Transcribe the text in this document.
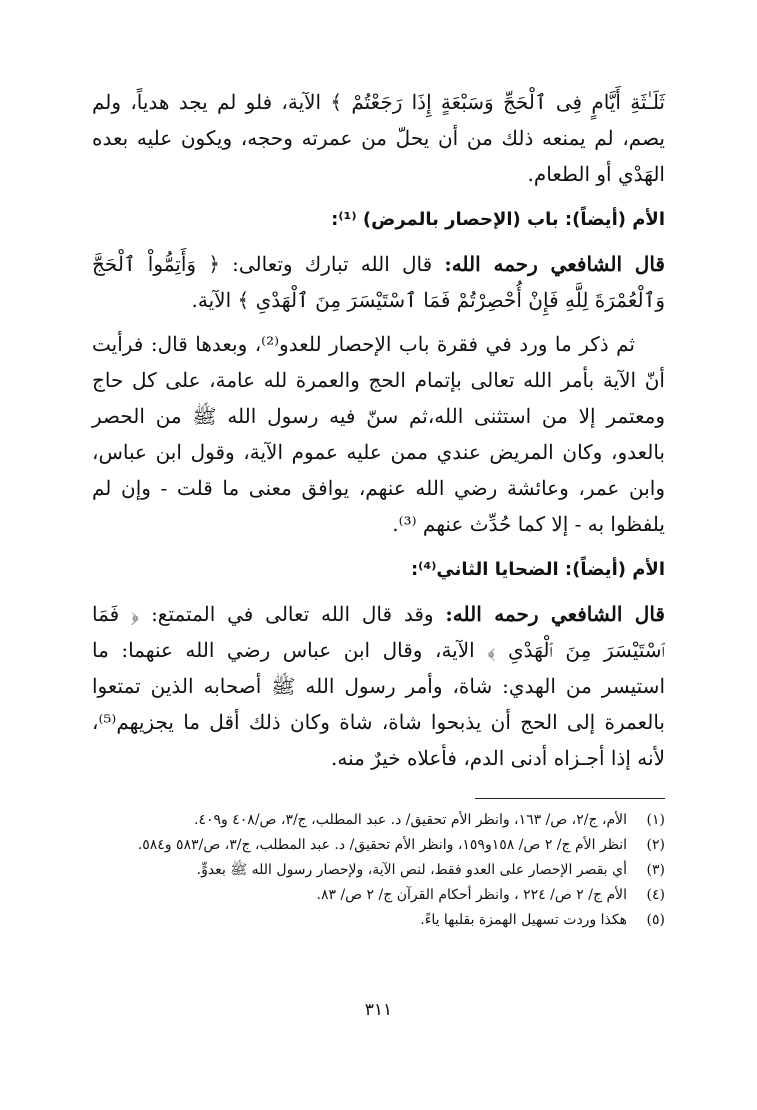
ثَلَـٰثَةِ أَيَّامٍ فِى ٱلْحَجِّ وَسَبْعَةٍ إِذَا رَجَعْتُمْ ﴾ الآية، فلو لم يجد هدياً، ولم يصم، لم يمنعه ذلك من أن يحلّ من عمرته وحجه، ويكون عليه بعده الهَدْي أو الطعام.

الأم (أيضاً): باب (الإحصار بالمرض) ⁽¹⁾:

قال الشافعي رحمه الله: قال الله تبارك وتعالى: ﴿ وَأَتِمُّواْ ٱلْحَجَّ وَٱلْعُمْرَةَ لِلَّهِ فَإِنْ أُحْصِرْتُمْ فَمَا ٱسْتَيْسَرَ مِنَ ٱلْهَدْىِ ﴾ الآية.

ثم ذكر ما ورد في فقرة باب الإحصار للعدو⁽²⁾، وبعدها قال: فرأيت أنّ الآية بأمر الله تعالى بإتمام الحج والعمرة لله عامة، على كل حاج ومعتمر إلا من استثنى الله،ثم سنّ فيه رسول الله ﷺ من الحصر بالعدو، وكان المريض عندي ممن عليه عموم الآية، وقول ابن عباس، وابن عمر، وعائشة رضي الله عنهم، يوافق معنى ما قلت - وإن لم يلفظوا به - إلا كما حُدِّث عنهم ⁽³⁾.

الأم (أيضاً): الضحايا الثاني⁽⁴⁾:

قال الشافعي رحمه الله: وقد قال الله تعالى في المتمتع: ﴿ فَمَا ٱسْتَيْسَرَ مِنَ ٱلْهَدْىِ ﴾ الآية، وقال ابن عباس رضي الله عنهما: ما استيسر من الهدي: شاة، وأمر رسول الله ﷺ أصحابه الذين تمتعوا بالعمرة إلى الحج أن يذبحوا شاة، شاة وكان ذلك أقل ما يجزيهم⁽⁵⁾، لأنه إذا أجـزاه أدنى الدم، فأعلاه خيرٌ منه.

(١)
الأم، ج/٢، ص/ ١٦٣، وانظر الأم تحقيق/ د. عبد المطلب، ج/٣، ص/٤٠٨ و٤٠٩.
(٢)
انظر الأم ج/ ٢ ص/ ١٥٨و١٥٩، وانظر الأم تحقيق/ د. عبد المطلب، ج/٣، ص/٥٨٣ و٥٨٤.
(٣)
أي بقصر الإحصار على العدو فقط، لنص الآية، ولإحصار رسول الله ﷺ بعدوٍّ.
(٤)
الأم ج/ ٢ ص/ ٢٢٤ ، وانظر أحكام القرآن ج/ ٢ ص/ ٨٣.
(٥)
هكذا وردت تسهيل الهمزة بقلبها ياءً.
٣١١
